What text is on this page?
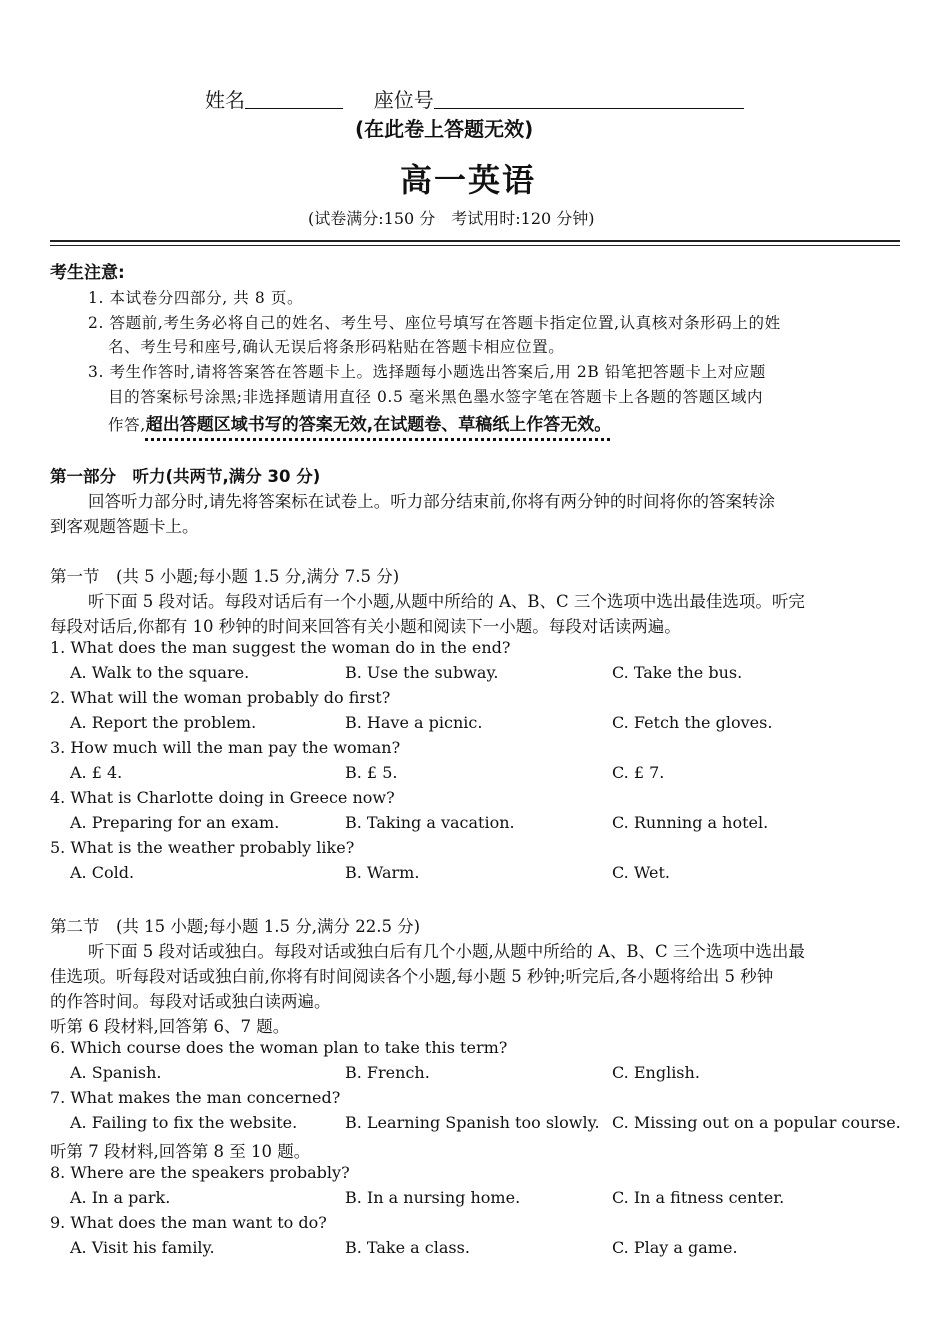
姓名	座位号
(在此卷上答题无效)
高一英语
(试卷满分:150 分　考试用时:120 分钟)
考生注意:
1. 本试卷分四部分, 共 8 页。
2. 答题前,考生务必将自己的姓名、考生号、座位号填写在答题卡指定位置,认真核对条形码上的姓
名、考生号和座号,确认无误后将条形码粘贴在答题卡相应位置。
3. 考生作答时,请将答案答在答题卡上。选择题每小题选出答案后,用 2B 铅笔把答题卡上对应题
目的答案标号涂黑;非选择题请用直径 0.5 毫米黑色墨水签字笔在答题卡上各题的答题区域内
作答,超出答题区域书写的答案无效,在试题卷、草稿纸上作答无效。
第一部分　听力(共两节,满分 30 分)
回答听力部分时,请先将答案标在试卷上。听力部分结束前,你将有两分钟的时间将你的答案转涂
到客观题答题卡上。
第一节　(共 5 小题;每小题 1.5 分,满分 7.5 分)
听下面 5 段对话。每段对话后有一个小题,从题中所给的 A、B、C 三个选项中选出最佳选项。听完
每段对话后,你都有 10 秒钟的时间来回答有关小题和阅读下一小题。每段对话读两遍。
1. What does the man suggest the woman do in the end?
A. Walk to the square.	B. Use the subway.	C. Take the bus.
2. What will the woman probably do first?
A. Report the problem.	B. Have a picnic.	C. Fetch the gloves.
3. How much will the man pay the woman?
A. £ 4.	B. £ 5.	C. £ 7.
4. What is Charlotte doing in Greece now?
A. Preparing for an exam.	B. Taking a vacation.	C. Running a hotel.
5. What is the weather probably like?
A. Cold.	B. Warm.	C. Wet.
第二节　(共 15 小题;每小题 1.5 分,满分 22.5 分)
听下面 5 段对话或独白。每段对话或独白后有几个小题,从题中所给的 A、B、C 三个选项中选出最
佳选项。听每段对话或独白前,你将有时间阅读各个小题,每小题 5 秒钟;听完后,各小题将给出 5 秒钟
的作答时间。每段对话或独白读两遍。
听第 6 段材料,回答第 6、7 题。
6. Which course does the woman plan to take this term?
A. Spanish.	B. French.	C. English.
7. What makes the man concerned?
A. Failing to fix the website.	B. Learning Spanish too slowly. C. Missing out on a popular course.
听第 7 段材料,回答第 8 至 10 题。
8. Where are the speakers probably?
A. In a park.	B. In a nursing home.	C. In a fitness center.
9. What does the man want to do?
A. Visit his family.	B. Take a class.	C. Play a game.
